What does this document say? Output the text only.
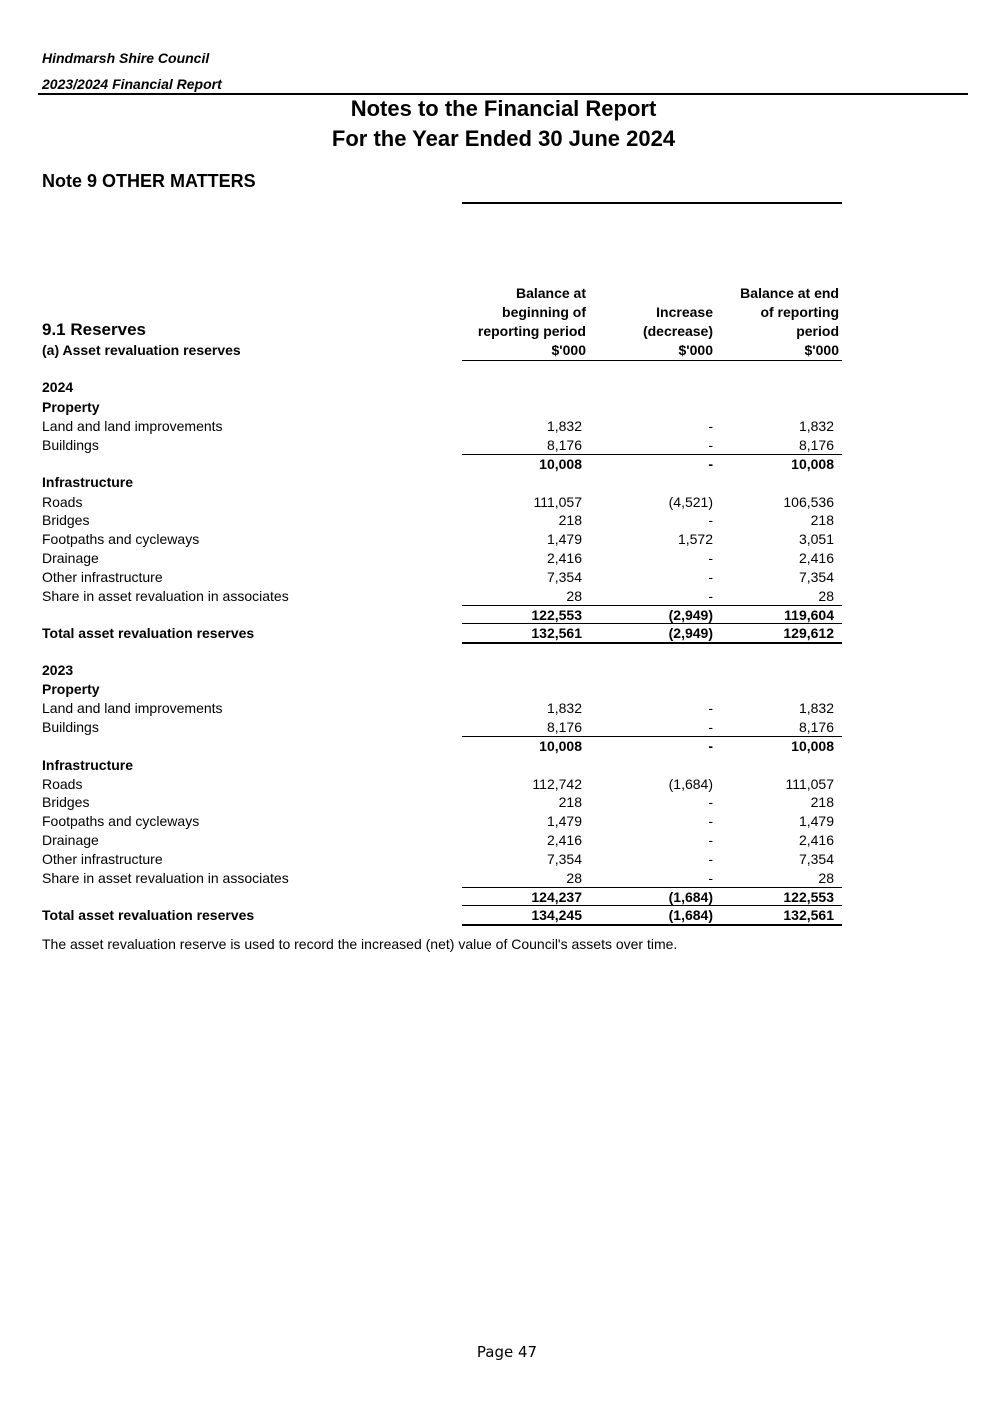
Hindmarsh Shire Council
2023/2024 Financial Report
Notes to the Financial Report
For the Year Ended 30 June 2024
Note 9 OTHER MATTERS
Balance at
beginning of
reporting period
$'000
Increase
(decrease)
$'000
Balance at end
of reporting
period
$'000
9.1 Reserves
(a) Asset revaluation reserves
2024
Property
Land and land improvements	1,832	-	1,832
Buildings	8,176	-	8,176
10,008	-	10,008
Infrastructure
Roads	111,057	(4,521)	106,536
Bridges	218	-	218
Footpaths and cycleways	1,479	1,572	3,051
Drainage	2,416	-	2,416
Other infrastructure	7,354	-	7,354
Share in asset revaluation in associates	28	-	28
122,553	(2,949)	119,604
Total asset revaluation reserves	132,561	(2,949)	129,612
2023
Property
Land and land improvements	1,832	-	1,832
Buildings	8,176	-	8,176
10,008	-	10,008
Infrastructure
Roads	112,742	(1,684)	111,057
Bridges	218	-	218
Footpaths and cycleways	1,479	-	1,479
Drainage	2,416	-	2,416
Other infrastructure	7,354	-	7,354
Share in asset revaluation in associates	28	-	28
124,237	(1,684)	122,553
Total asset revaluation reserves	134,245	(1,684)	132,561
The asset revaluation reserve is used to record the increased (net) value of Council's assets over time.
Page 47
